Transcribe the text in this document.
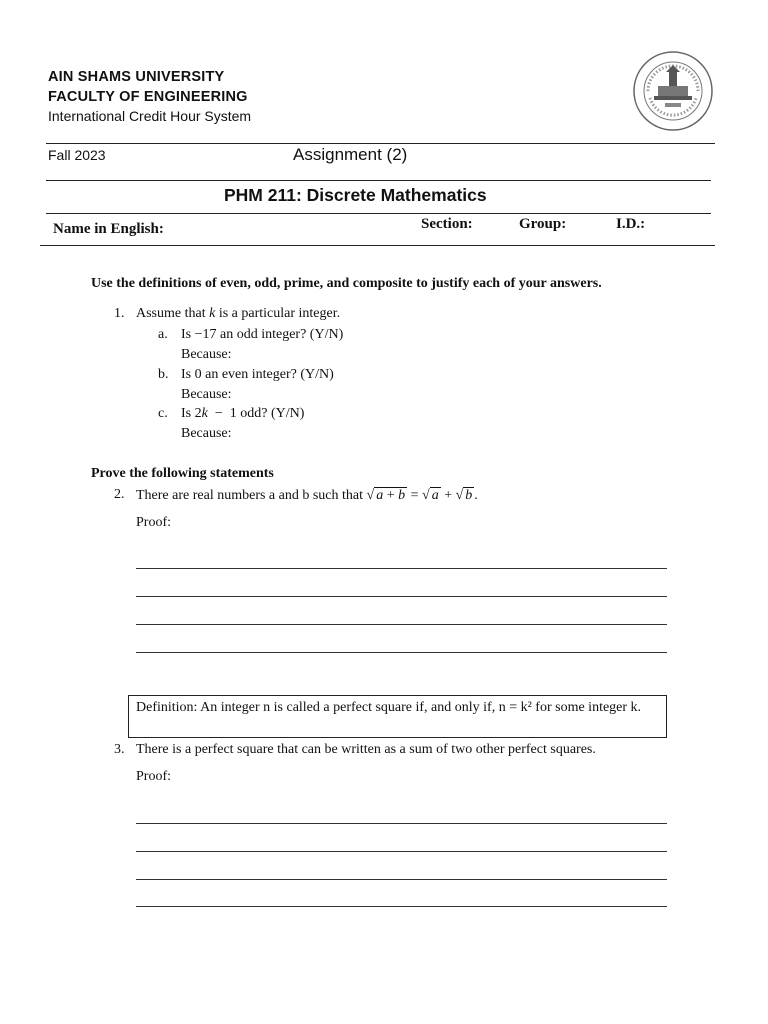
AIN SHAMS UNIVERSITY
FACULTY OF ENGINEERING
International Credit Hour System
Fall 2023	Assignment (2)
PHM 211: Discrete Mathematics
Name in English:	Section:	Group:	I.D.:
Use the definitions of even, odd, prime, and composite to justify each of your answers.
1. Assume that k is a particular integer.
a. Is −17 an odd integer? (Y/N)
Because:
b. Is 0 an even integer? (Y/N)
Because:
c. Is 2k  −  1 odd? (Y/N)
Because:
Prove the following statements
2. There are real numbers a and b such that √ a + b = √ a + √ b .
Proof:
Definition: An integer n is called a perfect square if, and only if, n = k² for some integer k.
3. There is a perfect square that can be written as a sum of two other perfect squares.
Proof:
